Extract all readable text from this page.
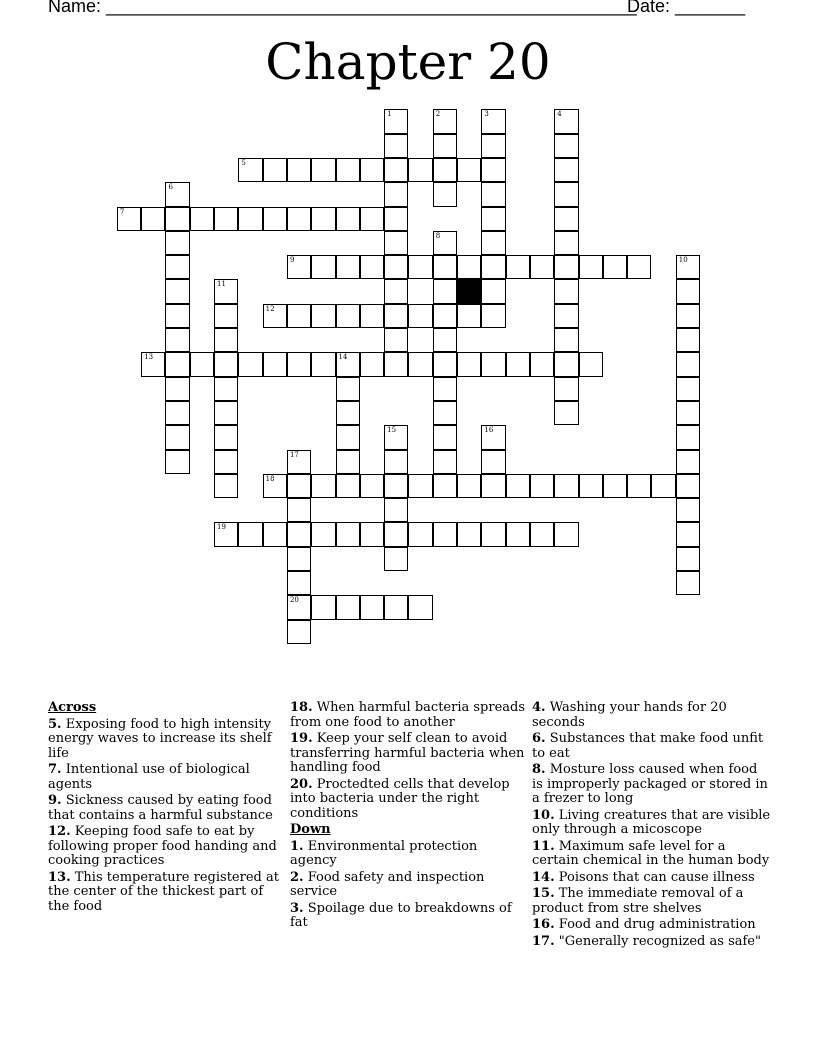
Name: _____________________________________________________
Date: _______
Chapter 20
1	2	3	4
5
6
7
8
9	10
11
12
13	14
15	16
17
20
18
19
Across
5. Exposing food to high intensity energy waves to increase its shelf life
7. Intentional use of biological agents
9. Sickness caused by eating food that contains a harmful substance
12. Keeping food safe to eat by following proper food handing and cooking practices
13. This temperature registered at the center of the thickest part of the food
18. When harmful bacteria spreads from one food to another
19. Keep your self clean to avoid transferring harmful bacteria when handling food
20. Proctedted cells that develop into bacteria under the right conditions
Down
1. Environmental protection agency
2. Food safety and inspection service
3. Spoilage due to breakdowns of fat
4. Washing your hands for 20 seconds
6. Substances that make food unfit to eat
8. Mosture loss caused when food is improperly packaged or stored in a frezer to long
10. Living creatures that are visible only through a micoscope
11. Maximum safe level for a certain chemical in the human body
14. Poisons that can cause illness
15. The immediate removal of a product from stre shelves
16. Food and drug administration
17. "Generally recognized as safe"
